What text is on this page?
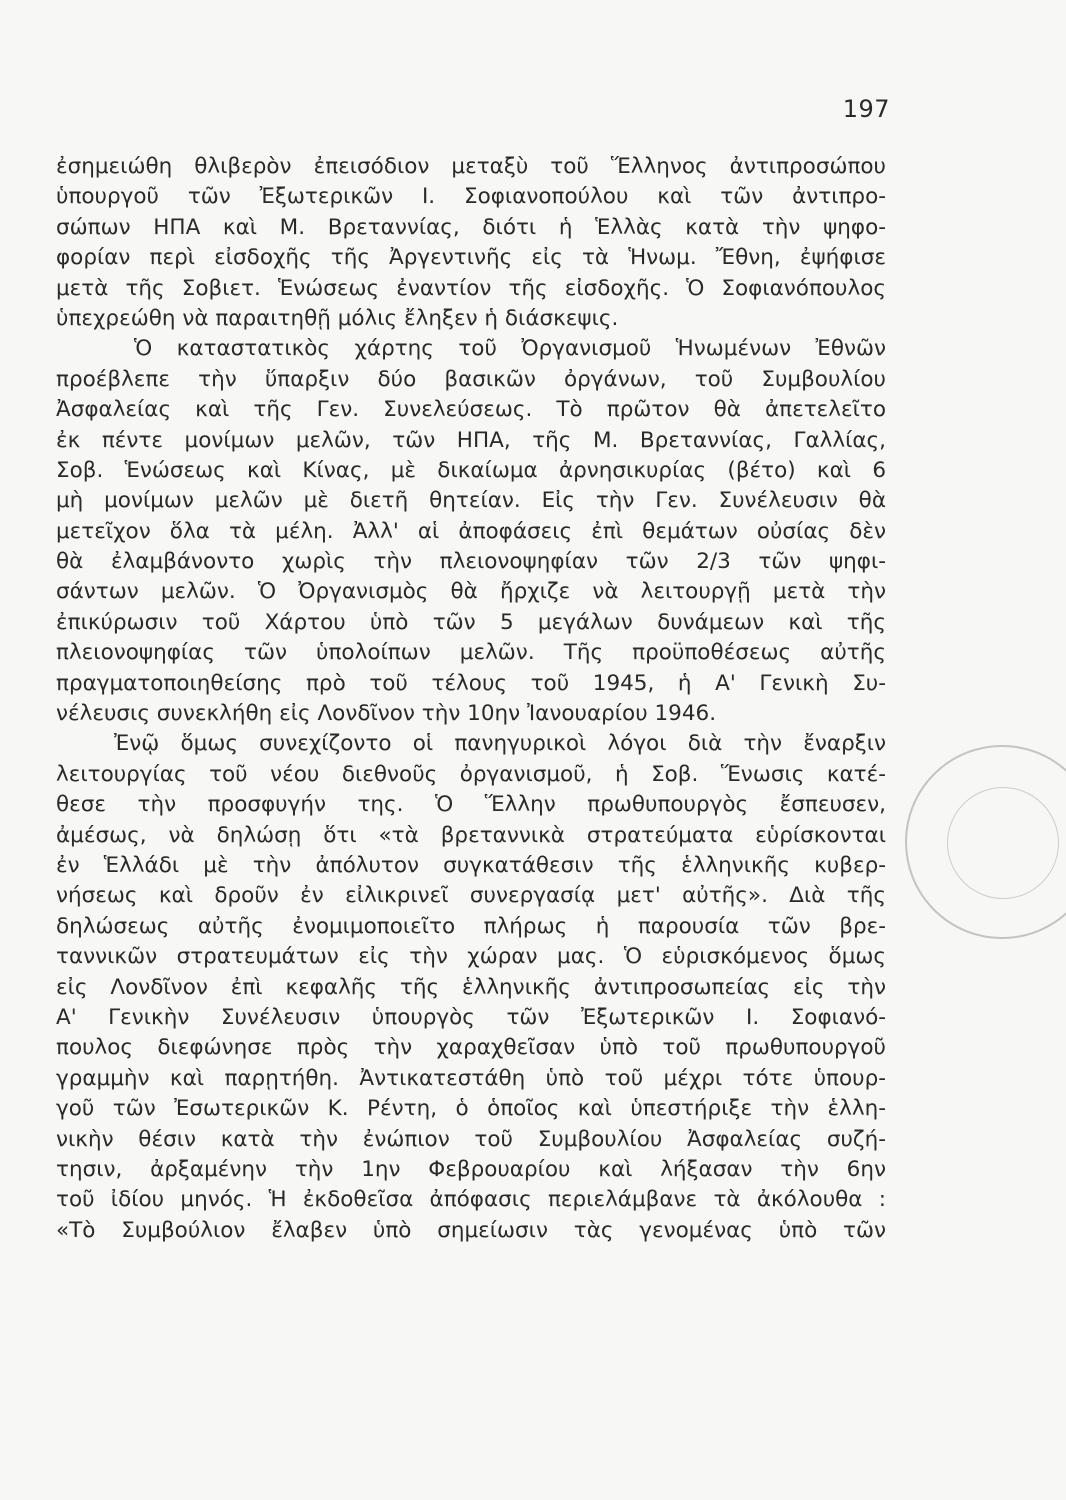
197
ἐσημειώθη θλιβερὸν ἐπεισόδιον μεταξὺ τοῦ Ἕλληνος ἀντιπροσώπου
ὑπουργοῦ τῶν Ἐξωτερικῶν Ι. Σοφιανοπούλου καὶ τῶν ἀντιπρο-
σώπων ΗΠΑ καὶ Μ. Βρεταννίας, διότι ἡ Ἑλλὰς κατὰ τὴν ψηφο-
φορίαν περὶ εἰσδοχῆς τῆς Ἀργεντινῆς εἰς τὰ Ἡνωμ. Ἔθνη, ἐψήφισε
μετὰ τῆς Σοβιετ. Ἑνώσεως ἐναντίον τῆς εἰσδοχῆς. Ὁ Σοφιανόπουλος
ὑπεχρεώθη νὰ παραιτηθῇ μόλις ἔληξεν ἡ διάσκεψις.
Ὁ καταστατικὸς χάρτης τοῦ Ὀργανισμοῦ Ἡνωμένων Ἐθνῶν
προέβλεπε τὴν ὕπαρξιν δύο βασικῶν ὀργάνων, τοῦ Συμβουλίου
Ἀσφαλείας καὶ τῆς Γεν. Συνελεύσεως. Τὸ πρῶτον θὰ ἀπετελεῖτο
ἐκ πέντε μονίμων μελῶν, τῶν ΗΠΑ, τῆς Μ. Βρεταννίας, Γαλλίας,
Σοβ. Ἑνώσεως καὶ Κίνας, μὲ δικαίωμα ἀρνησικυρίας (βέτο) καὶ 6
μὴ μονίμων μελῶν μὲ διετῆ θητείαν. Εἰς τὴν Γεν. Συνέλευσιν θὰ
μετεῖχον ὅλα τὰ μέλη. Ἀλλ' αἱ ἀποφάσεις ἐπὶ θεμάτων οὐσίας δὲν
θὰ ἐλαμβάνοντο χωρὶς τὴν πλειονοψηφίαν τῶν 2/3 τῶν ψηφι-
σάντων μελῶν. Ὁ Ὀργανισμὸς θὰ ἤρχιζε νὰ λειτουργῇ μετὰ τὴν
ἐπικύρωσιν τοῦ Χάρτου ὑπὸ τῶν 5 μεγάλων δυνάμεων καὶ τῆς
πλειονοψηφίας τῶν ὑπολοίπων μελῶν. Τῆς προϋποθέσεως αὐτῆς
πραγματοποιηθείσης πρὸ τοῦ τέλους τοῦ 1945, ἡ Α' Γενικὴ Συ-
νέλευσις συνεκλήθη εἰς Λονδῖνον τὴν 10ην Ἰανουαρίου 1946.
Ἐνῷ ὅμως συνεχίζοντο οἱ πανηγυρικοὶ λόγοι διὰ τὴν ἔναρξιν
λειτουργίας τοῦ νέου διεθνοῦς ὀργανισμοῦ, ἡ Σοβ. Ἕνωσις κατέ-
θεσε τὴν προσφυγήν της. Ὁ Ἕλλην πρωθυπουργὸς ἔσπευσεν,
ἀμέσως, νὰ δηλώσῃ ὅτι «τὰ βρεταννικὰ στρατεύματα εὑρίσκονται
ἐν Ἑλλάδι μὲ τὴν ἀπόλυτον συγκατάθεσιν τῆς ἑλληνικῆς κυβερ-
νήσεως καὶ δροῦν ἐν εἰλικρινεῖ συνεργασίᾳ μετ' αὐτῆς». Διὰ τῆς
δηλώσεως αὐτῆς ἐνομιμοποιεῖτο πλήρως ἡ παρουσία τῶν βρε-
ταννικῶν στρατευμάτων εἰς τὴν χώραν μας. Ὁ εὑρισκόμενος ὅμως
εἰς Λονδῖνον ἐπὶ κεφαλῆς τῆς ἑλληνικῆς ἀντιπροσωπείας εἰς τὴν
Α' Γενικὴν Συνέλευσιν ὑπουργὸς τῶν Ἐξωτερικῶν Ι. Σοφιανό-
πουλος διεφώνησε πρὸς τὴν χαραχθεῖσαν ὑπὸ τοῦ πρωθυπουργοῦ
γραμμὴν καὶ παρῃτήθη. Ἀντικατεστάθη ὑπὸ τοῦ μέχρι τότε ὑπουρ-
γοῦ τῶν Ἐσωτερικῶν Κ. Ρέντη, ὁ ὁποῖος καὶ ὑπεστήριξε τὴν ἑλλη-
νικὴν θέσιν κατὰ τὴν ἐνώπιον τοῦ Συμβουλίου Ἀσφαλείας συζή-
τησιν, ἀρξαμένην τὴν 1ην Φεβρουαρίου καὶ λήξασαν τὴν 6ην
τοῦ ἰδίου μηνός. Ἡ ἐκδοθεῖσα ἀπόφασις περιελάμβανε τὰ ἀκόλουθα :
«Τὸ Συμβούλιον ἔλαβεν ὑπὸ σημείωσιν τὰς γενομένας ὑπὸ τῶν
